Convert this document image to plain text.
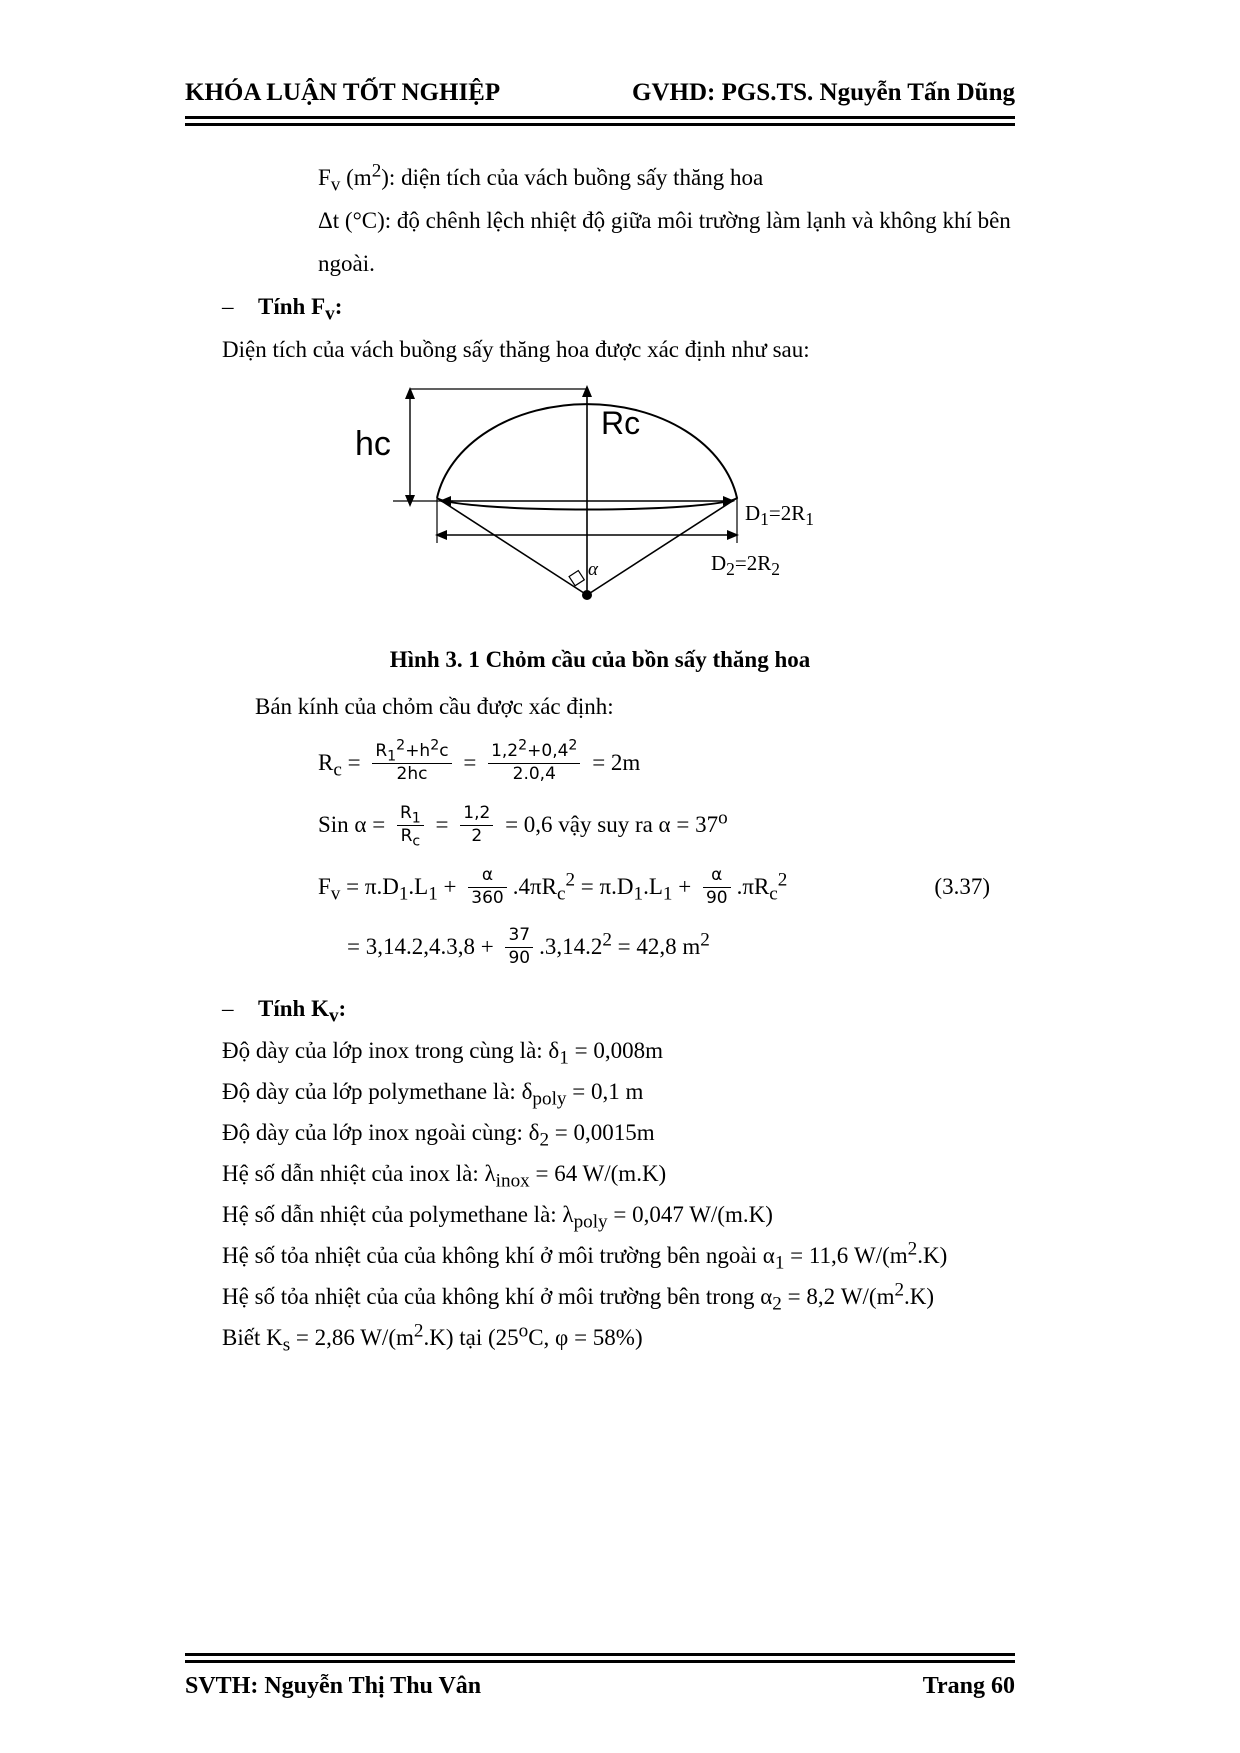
KHÓA LUẬN TỐT NGHIỆP	GVHD: PGS.TS. Nguyễn Tấn Dũng
$F_v$ $(m^2)$: diện tích của vách buồng sấy thăng hoa
Δt (°C): độ chênh lệch nhiệt độ giữa môi trường làm lạnh và không khí bên ngoài.
–	Tính $F_v$:
Diện tích của vách buồng sấy thăng hoa được xác định như sau:
hc
Rc
$D_1=2R_1$
$D_2=2R_2$
α
Hình 3. 1 Chỏm cầu của bồn sấy thăng hoa
Bán kính của chỏm cầu được xác định:
$R_c = \frac{R_1^2+h^2c}{2hc} = \frac{1,2^2+0,4^2}{2.0,4} = 2m$
Sin $\alpha = \frac{R_1}{R_c} = \frac{1,2}{2} = 0,6$ vậy suy ra $\alpha = 37^o$
$F_v = \pi.D_1.L_1 + \frac{\alpha}{360} .4\pi R_c^2 = \pi.D_1.L_1 + \frac{\alpha}{90} .\pi R_c^2$	(3.37)
= $3,14.2,4.3,8 + \frac{37}{90} .3,14.2^2 = 42,8$ $m^2$
–	Tính $K_v$:
Độ dày của lớp inox trong cùng là: $\delta_1 = 0,008m$
Độ dày của lớp polymethane là: $\delta_{poly} = 0,1$ m
Độ dày của lớp inox ngoài cùng: $\delta_2 = 0,0015m$
Hệ số dẫn nhiệt của inox là: $\lambda_{inox} = 64$ W/(m.K)
Hệ số dẫn nhiệt của polymethane là: $\lambda_{poly} = 0,047$ W/(m.K)
Hệ số tỏa nhiệt của của không khí ở môi trường bên ngoài $\alpha_1 = 11,6$ $W/(m^2.K)$
Hệ số tỏa nhiệt của của không khí ở môi trường bên trong $\alpha_2 = 8,2$ $W/(m^2.K)$
Biết $K_s = 2,86$ $W/(m^2.K)$ tại (25$^o$C, φ = 58%)
SVTH: Nguyễn Thị Thu Vân	Trang 60
